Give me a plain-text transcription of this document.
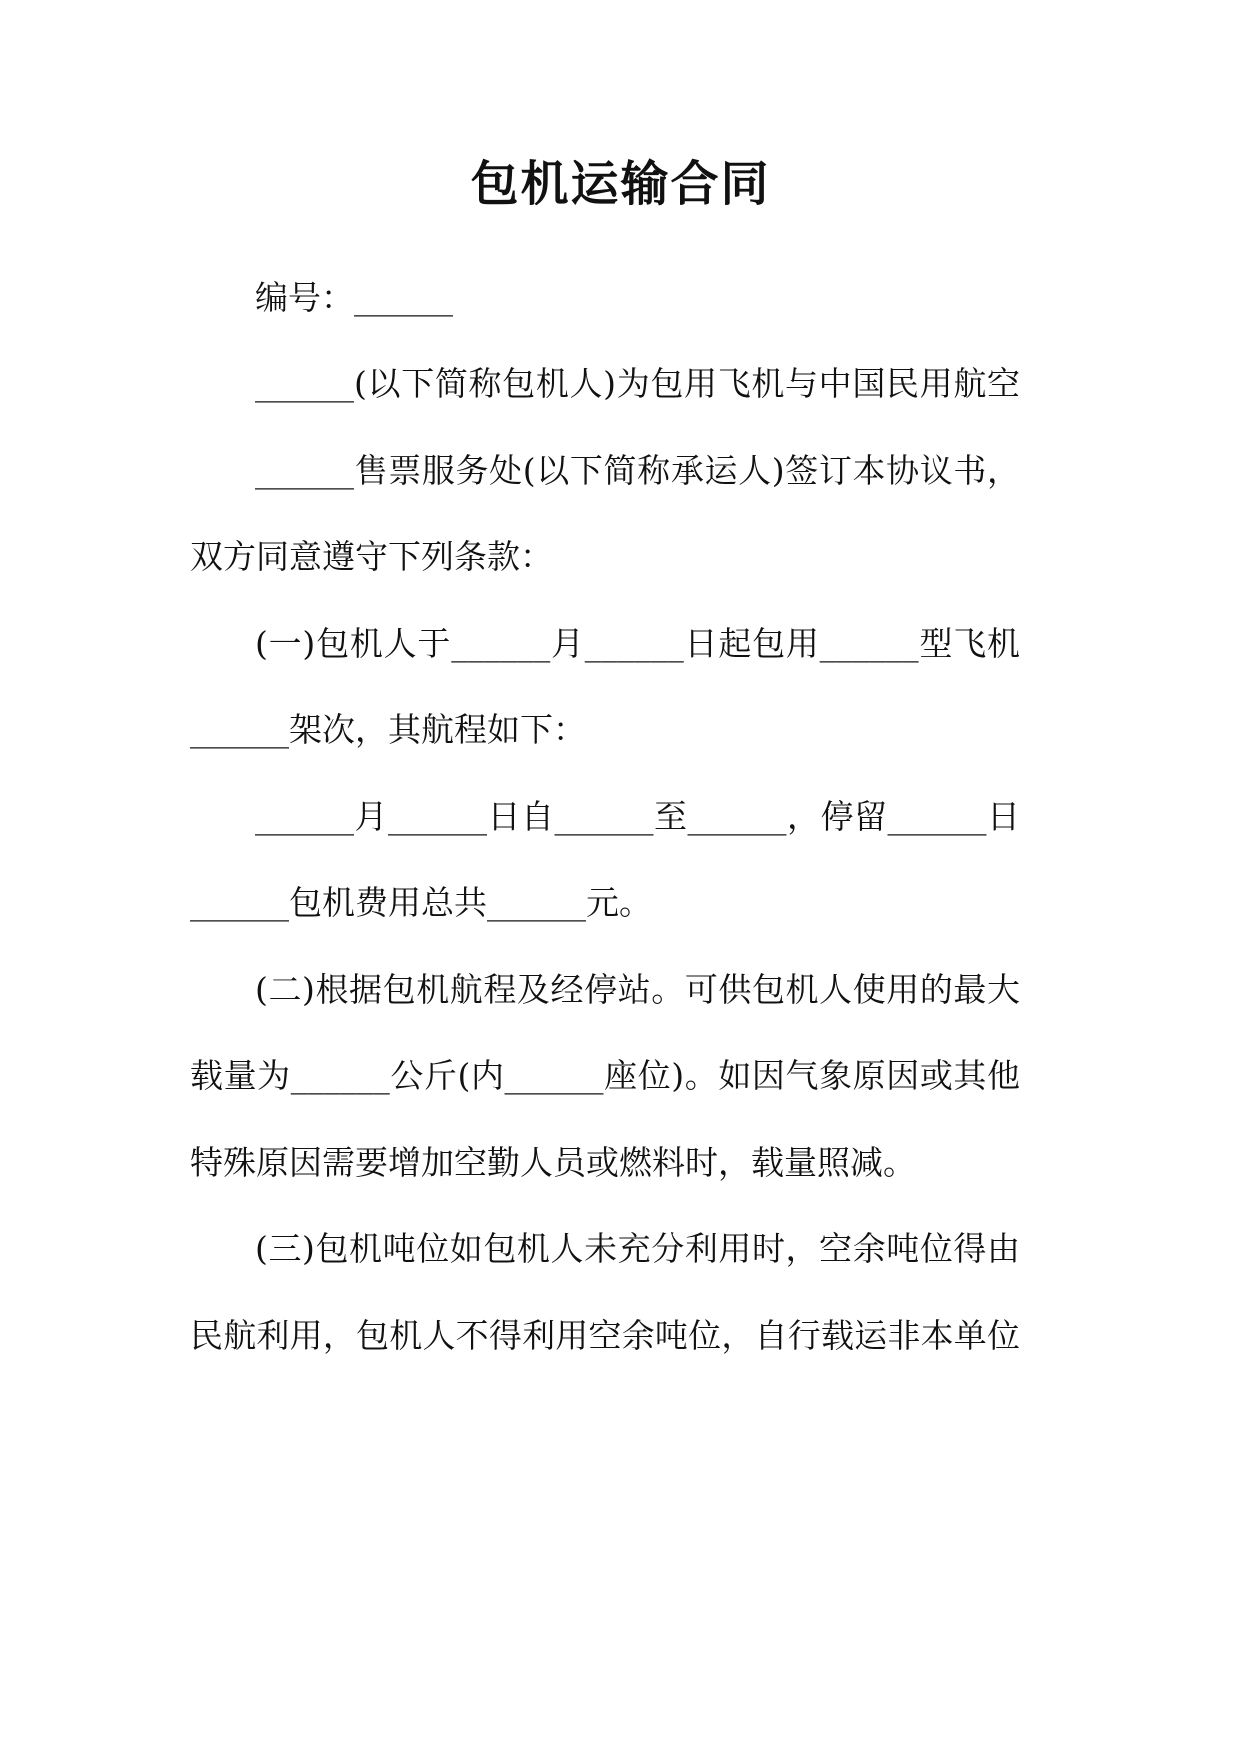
包机运输合同

编号：______

______(以下简称包机人)为包用飞机与中国民用航空

______售票服务处(以下简称承运人)签订本协议书，

双方同意遵守下列条款：

(一)包机人于______月______日起包用______型飞机

______架次，其航程如下：

______月______日自______至______，停留______日

______包机费用总共______元。

(二)根据包机航程及经停站。可供包机人使用的最大

载量为______公斤(内______座位)。如因气象原因或其他

特殊原因需要增加空勤人员或燃料时，载量照减。

(三)包机吨位如包机人未充分利用时，空余吨位得由

民航利用，包机人不得利用空余吨位，自行载运非本单位
